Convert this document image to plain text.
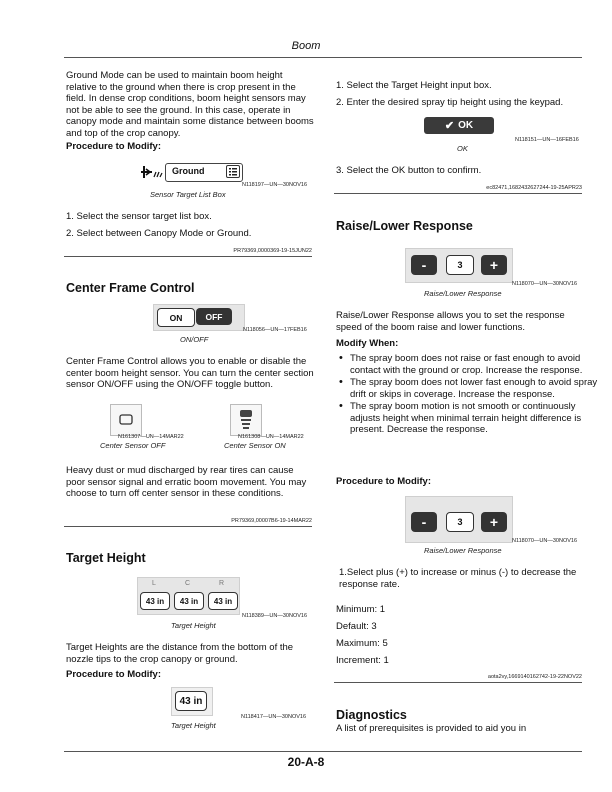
Boom
Ground Mode can be used to maintain boom height relative to the ground when there is crop present in the field. In dense crop conditions, boom height sensors may not be able to see the ground. In this case, operate in canopy mode and maintain some distance between booms and top of the crop canopy.
Procedure to Modify:
Ground
N118197—UN—30NOV16
Sensor Target List Box
1. Select the sensor target list box.
2. Select between Canopy Mode or Ground.
PR79369,0000369-19-15JUN22
Center Frame Control
ON	OFF
N118056—UN—17FEB16
ON/OFF
Center Frame Control allows you to enable or disable the center boom height sensor. You can turn the center section sensor ON/OFF using the ON/OFF toggle button.
N161307—UN—14MAR22
Center Sensor OFF
N161308—UN—14MAR22
Center Sensor ON
Heavy dust or mud discharged by rear tires can cause poor sensor signal and erratic boom movement. You may choose to turn off center sensor in these conditions.
PR79369,00007B6-19-14MAR22
Target Height
L	C	R
43 in	43 in	43 in
N118389—UN—30NOV16
Target Height
Target Heights are the distance from the bottom of the nozzle tips to the crop canopy or ground.
Procedure to Modify:
43 in
N118417—UN—30NOV16
Target Height
1. Select the Target Height input box.
2. Enter the desired spray tip height using the keypad.
✔ OK
N118151—UN—16FEB16
OK
3. Select the OK button to confirm.
ec82471,1682432627244-19-25APR23
Raise/Lower Response
-	3	+
N118070—UN—30NOV16
Raise/Lower Response
Raise/Lower Response allows you to set the response speed of the boom raise and lower functions.
Modify When:
• The spray boom does not raise or fast enough to avoid contact with the ground or crop. Increase the response.
• The spray boom does not lower fast enough to avoid spray drift or skips in coverage. Increase the response.
• The spray boom motion is not smooth or continuously adjusts height when minimal terrain height difference is present. Decrease the response.
Procedure to Modify:
-	3	+
N118070—UN—30NOV16
Raise/Lower Response
1.Select plus (+) to increase or minus (-) to decrease the response rate.
Minimum: 1
Default: 3
Maximum: 5
Increment: 1
aota2vy,1669140162742-19-22NOV22
Diagnostics
A list of prerequisites is provided to aid you in
20-A-8
